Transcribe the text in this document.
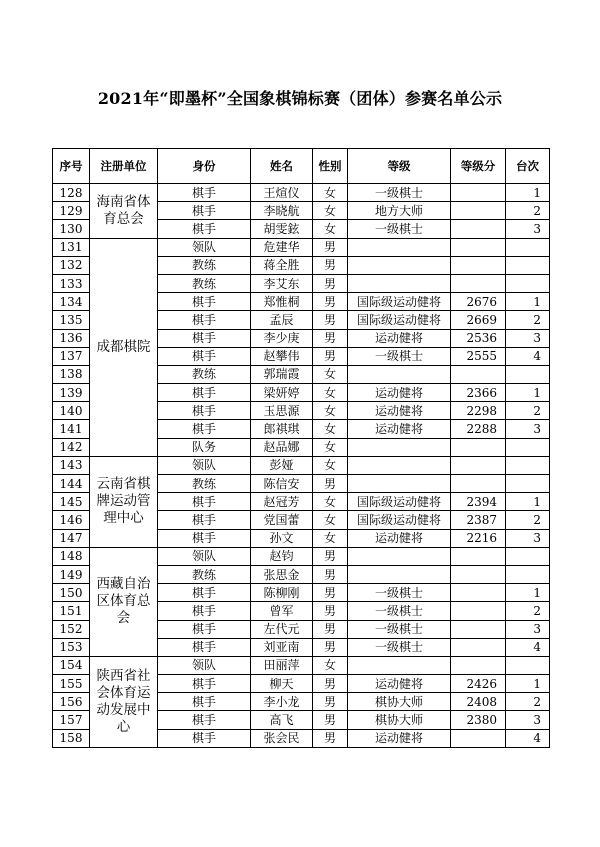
2021年“即墨杯”全国象棋锦标赛（团体）参赛名单公示
序号	注册单位	身份	姓名	性别	等级	等级分	台次
128	海南省体育总会	棋手	王煊仪	女	一级棋士		1
129		棋手	李晓航	女	地方大师		2
130		棋手	胡雯鉉	女	一级棋士		3
131	成都棋院	领队	危建华	男			
132		教练	蒋全胜	男			
133		教练	李艾东	男			
134		棋手	郑惟桐	男	国际级运动健将	2676	1
135		棋手	孟辰	男	国际级运动健将	2669	2
136		棋手	李少庚	男	运动健将	2536	3
137		棋手	赵攀伟	男	一级棋士	2555	4
138		教练	郭瑞霞	女			
139		棋手	梁妍婷	女	运动健将	2366	1
140		棋手	玉思源	女	运动健将	2298	2
141		棋手	郎祺琪	女	运动健将	2288	3
142		队务	赵品娜	女			
143	云南省棋牌运动管理中心	领队	彭娅	女			
144		教练	陈信安	男			
145		棋手	赵冠芳	女	国际级运动健将	2394	1
146		棋手	党国蕾	女	国际级运动健将	2387	2
147		棋手	孙文	女	运动健将	2216	3
148	西藏自治区体育总会	领队	赵钧	男			
149		教练	张思金	男			
150		棋手	陈柳刚	男	一级棋士		1
151		棋手	曾军	男	一级棋士		2
152		棋手	左代元	男	一级棋士		3
153		棋手	刘亚南	男	一级棋士		4
154	陕西省社会体育运动发展中心	领队	田丽萍	女			
155		棋手	柳天	男	运动健将	2426	1
156		棋手	李小龙	男	棋协大师	2408	2
157		棋手	高飞	男	棋协大师	2380	3
158		棋手	张会民	男	运动健将		4
